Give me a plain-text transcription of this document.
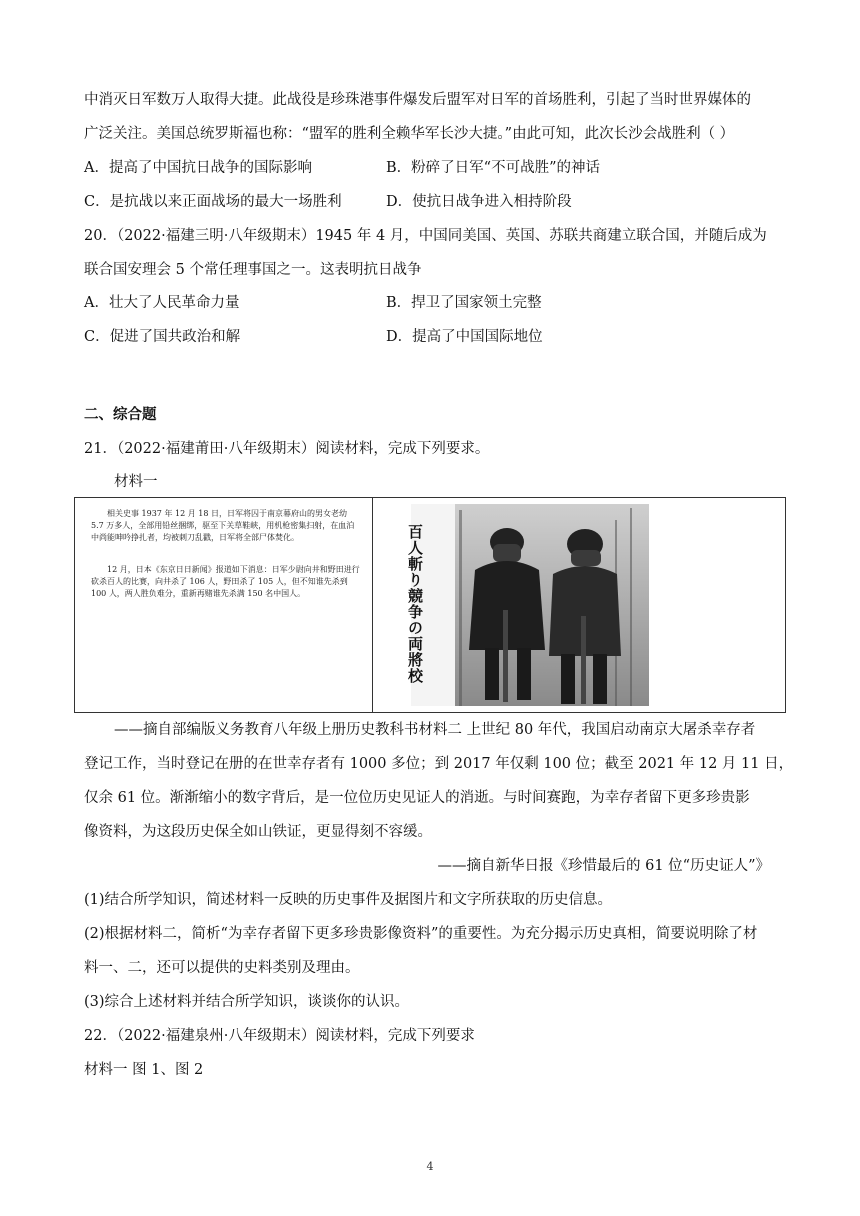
中消灭日军数万人取得大捷。此战役是珍珠港事件爆发后盟军对日军的首场胜利，引起了当时世界媒体的
广泛关注。美国总统罗斯福也称：“盟军的胜利全赖华军长沙大捷。”由此可知，此次长沙会战胜利（ ）
A．提高了中国抗日战争的国际影响	B．粉碎了日军“不可战胜”的神话
C．是抗战以来正面战场的最大一场胜利	D．使抗日战争进入相持阶段
20．（2022·福建三明·八年级期末）1945 年 4 月，中国同美国、英国、苏联共商建立联合国，并随后成为
联合国安理会 5 个常任理事国之一。这表明抗日战争
A．壮大了人民革命力量	B．捍卫了国家领土完整
C．促进了国共政治和解	D．提高了中国国际地位
二、综合题
21．（2022·福建莆田·八年级期末）阅读材料，完成下列要求。
材料一

相关史事 1937 年 12 月 18 日，日军将囚于南京幕府山的男女老幼 5.7 万多人，全部用铅丝捆绑，驱至下关草鞋峡，用机枪密集扫射，在血泊中尚能呻吟挣扎者，均被刺刀乱戳，日军将全部尸体焚化。

12 月，日本《东京日日新闻》报道如下消息：日军少尉向井和野田进行砍杀百人的比赛，向井杀了 106 人，野田杀了 105 人，但不知谁先杀到 100 人，两人胜负难分，重新再赌谁先杀满 150 名中国人。	百人斬り競争の両將校
——摘自部编版义务教育八年级上册历史教科书材料二 上世纪 80 年代，我国启动南京大屠杀幸存者
登记工作，当时登记在册的在世幸存者有 1000 多位；到 2017 年仅剩 100 位；截至 2021 年 12 月 11 日，
仅余 61 位。渐渐缩小的数字背后，是一位位历史见证人的消逝。与时间赛跑，为幸存者留下更多珍贵影
像资料，为这段历史保全如山铁证，更显得刻不容缓。
——摘自新华日报《珍惜最后的 61 位“历史证人”》
(1)结合所学知识，简述材料一反映的历史事件及据图片和文字所获取的历史信息。
(2)根据材料二，简析“为幸存者留下更多珍贵影像资料”的重要性。为充分揭示历史真相，简要说明除了材
料一、二，还可以提供的史料类别及理由。
(3)综合上述材料并结合所学知识，谈谈你的认识。
22．（2022·福建泉州·八年级期末）阅读材料，完成下列要求
材料一 图 1、图 2
4
